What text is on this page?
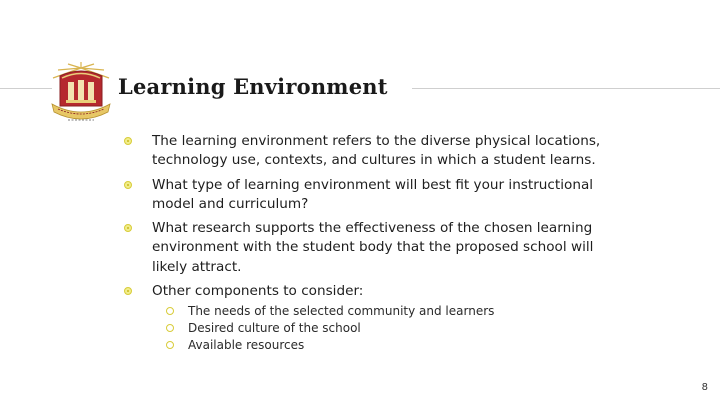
Learning Environment
The learning environment refers to the diverse physical locations, technology use, contexts, and cultures in which a student learns.
What type of learning environment will best fit your instructional model and curriculum?
What research supports the effectiveness of the chosen learning environment with the student body that the proposed school will likely attract.
Other components to consider:
The needs of the selected community and learners
Desired culture of the school
Available resources
8
